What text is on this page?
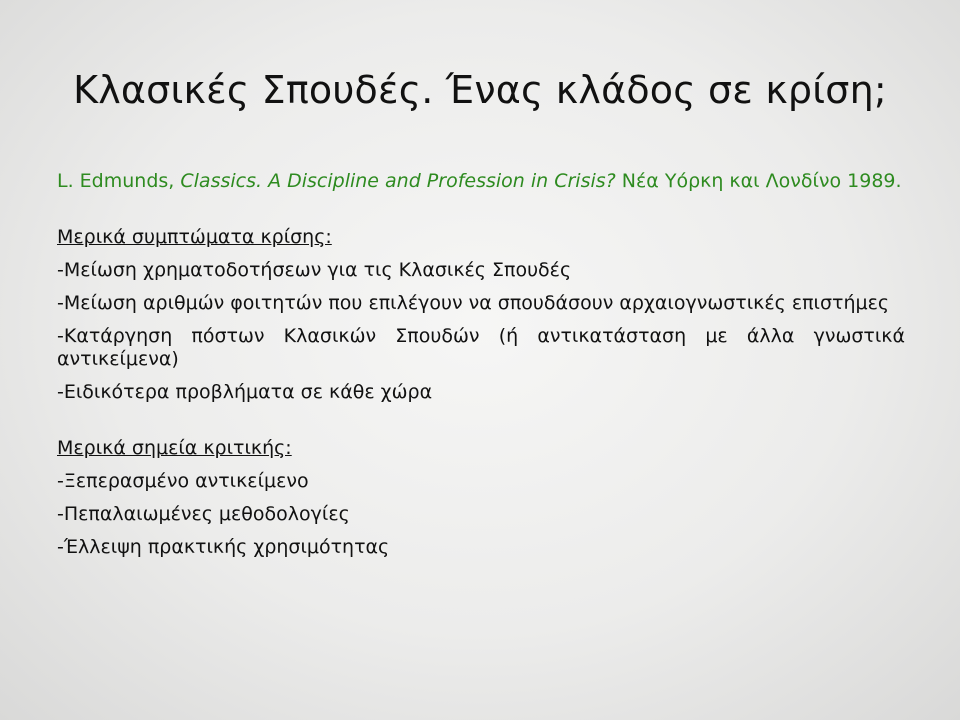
Κλασικές Σπουδές. Ένας κλάδος σε κρίση;

L. Edmunds, Classics. A Discipline and Profession in Crisis? Νέα Υόρκη και Λονδίνο 1989.

Μερικά συμπτώματα κρίσης:

-Μείωση χρηματοδοτήσεων για τις Κλασικές Σπουδές

-Μείωση αριθμών φοιτητών που επιλέγουν να σπουδάσουν αρχαιογνωστικές επιστήμες

-Κατάργηση πόστων Κλασικών Σπουδών (ή αντικατάσταση με άλλα γνωστικά αντικείμενα)

-Ειδικότερα προβλήματα σε κάθε χώρα

Μερικά σημεία κριτικής:

-Ξεπερασμένο αντικείμενο

-Πεπαλαιωμένες μεθοδολογίες

-Έλλειψη πρακτικής χρησιμότητας
